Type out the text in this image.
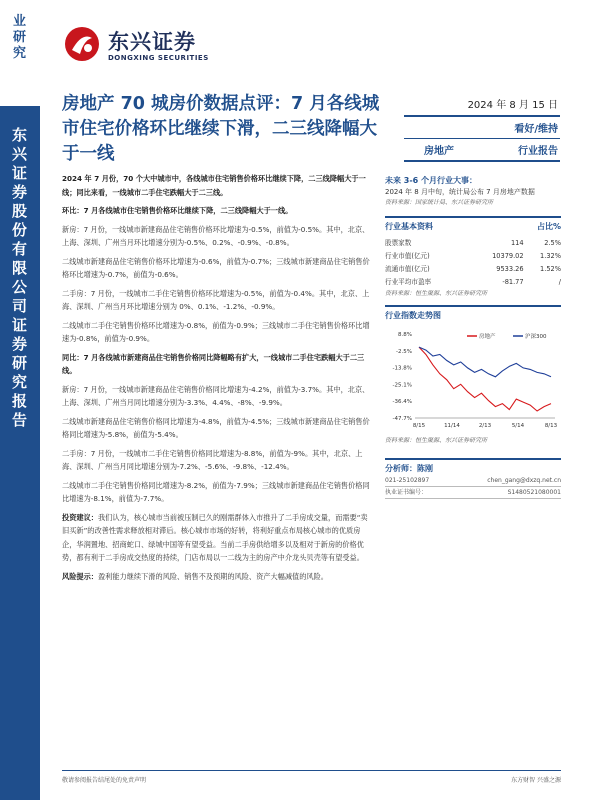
业研究
东兴证券股份有限公司证券研究报告
东兴证券
DONGXING SECURITIES
房地产 70 城房价数据点评：7 月各线城市住宅价格环比继续下滑，二三线降幅大于一线
2024 年 8 月 15 日
看好/维持
房地产	行业报告

2024 年 7 月份，70 个大中城市中，各线城市住宅销售价格环比继续下降，二三线降幅大于一线；同比来看，一线城市二手住宅跌幅大于二三线。

环比：7 月各线城市住宅销售价格环比继续下降，二三线降幅大于一线。

新房：7 月份，一线城市新建商品住宅销售价格环比增速为-0.5%，前值为-0.5%。其中，北京、上海、深圳、广州当月环比增速分别为-0.5%、0.2%、-0.9%、-0.8%。

二线城市新建商品住宅销售价格环比增速为-0.6%，前值为-0.7%；三线城市新建商品住宅销售价格环比增速为-0.7%，前值为-0.6%。

二手房：7 月份，一线城市二手住宅销售价格环比增速为-0.5%，前值为-0.4%。其中，北京、上海、深圳、广州当月环比增速分别为 0%、0.1%、-1.2%、-0.9%。

二线城市二手住宅销售价格环比增速为-0.8%，前值为-0.9%；三线城市二手住宅销售价格环比增速为-0.8%，前值为-0.9%。

同比：7 月各线城市新建商品住宅销售价格同比降幅略有扩大，一线城市二手住宅跌幅大于二三线。

新房：7 月份，一线城市新建商品住宅销售价格同比增速为-4.2%，前值为-3.7%。其中，北京、上海、深圳、广州当月同比增速分别为-3.3%、4.4%、-8%、-9.9%。

二线城市新建商品住宅销售价格同比增速为-4.8%，前值为-4.5%；三线城市新建商品住宅销售价格同比增速为-5.8%，前值为-5.4%。

二手房：7 月份，一线城市二手住宅销售价格同比增速为-8.8%，前值为-9%。其中，北京、上海、深圳、广州当月同比增速分别为-7.2%、-5.6%、-9.8%、-12.4%。

二线城市二手住宅销售价格同比增速为-8.2%，前值为-7.9%；三线城市新建商品住宅销售价格同比增速为-8.1%，前值为-7.7%。

投资建议：我们认为，核心城市当前被压制已久的刚需群体入市推升了二手房成交量，而需要“卖旧买新”的改善性需求释放相对滞后。核心城市市场的好转，将利好重点布局核心城市的优质房企，华润置地、招商蛇口、绿城中国等有望受益。当前二手房供给增多以及相对于新房的价格优势，都有利于二手房成交热度的持续，门店布局以一二线为主的房产中介龙头贝壳等有望受益。

风险提示：盈利能力继续下滑的风险、销售不及预期的风险、资产大幅减值的风险。

未来 3-6 个月行业大事：
2024 年 8 月中旬，统计局公布 7 月房地产数据
资料来源：国家统计局、东兴证券研究所
行业基本资料	占比%
股票家数	114	2.5%
行业市值(亿元)	10379.02	1.32%
流通市值(亿元)	9533.26	1.52%
行业平均市盈率	-81.77	/
资料来源：恒生聚源、东兴证券研究所
行业指数走势图
8.8%
-2.5%
-13.8%
-25.1%
-36.4%
-47.7%
8/15	11/14	2/13	5/14	8/13
房地产	沪深300
资料来源：恒生聚源、东兴证券研究所
分析师：陈刚
021-25102897	chen_gang@dxzq.net.cn
执业证书编号：	S1480521080001
敬请参阅报告结尾处的免责声明	东方财智 兴盛之源
